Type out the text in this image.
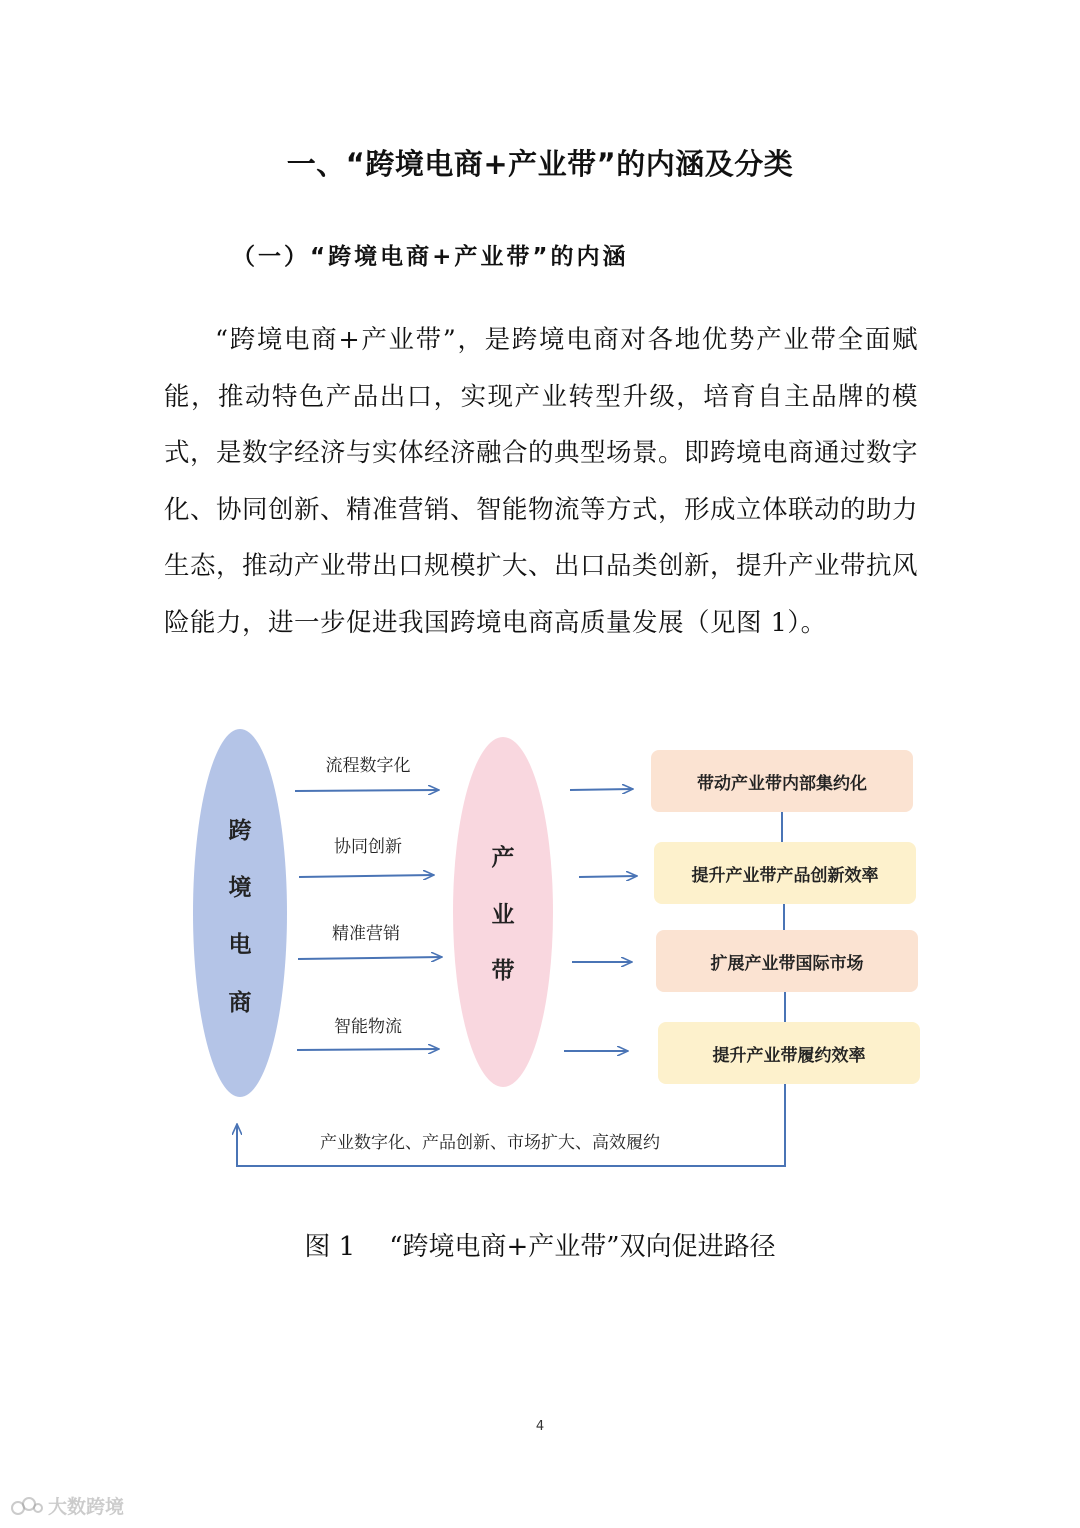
一、“跨境电商+产业带”的内涵及分类
（一）“跨境电商+产业带”的内涵

“跨境电商+产业带”，是跨境电商对各地优势产业带全面赋能，推动特色产品出口，实现产业转型升级，培育自主品牌的模式，是数字经济与实体经济融合的典型场景。即跨境电商通过数字化、协同创新、精准营销、智能物流等方式，形成立体联动的助力生态，推动产业带出口规模扩大、出口品类创新，提升产业带抗风险能力，进一步促进我国跨境电商高质量发展（见图 1）。

跨
境
电
商
产
业
带
流程数字化
协同创新
精准营销
智能物流
带动产业带内部集约化
提升产业带产品创新效率
扩展产业带国际市场
提升产业带履约效率
产业数字化、产品创新、市场扩大、高效履约
图 1 “跨境电商+产业带”双向促进路径
4
大数跨境
